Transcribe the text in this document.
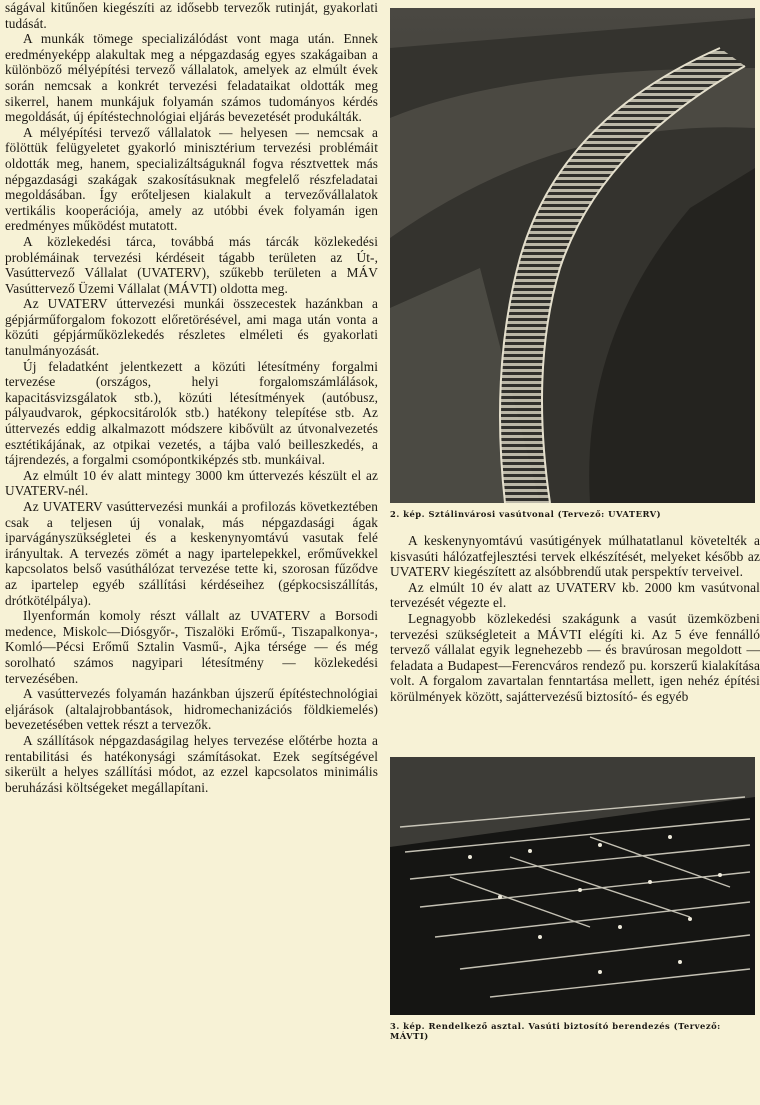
ságával kitűnően kiegészíti az idősebb tervezők rutinját, gyakorlati tudását.

A munkák tömege specializálódást vont maga után. Ennek eredményeképp alakultak meg a népgazdaság egyes szakágaiban a különböző mélyépítési tervező vállalatok, amelyek az elmúlt évek során nemcsak a konkrét tervezési feladataikat oldották meg sikerrel, hanem munkájuk folyamán számos tudományos kérdés megoldását, új építéstechnológiai eljárás bevezetését produkálták.

A mélyépítési tervező vállalatok — helyesen — nemcsak a fölöttük felügyeletet gyakorló minisztérium tervezési problémáit oldották meg, hanem, specializáltságuknál fogva résztvettek más népgazdasági szakágak szakosításuknak megfelelő részfeladatai megoldásában. Így erőteljesen kialakult a tervezővállalatok vertikális kooperációja, amely az utóbbi évek folyamán igen eredményes működést mutatott.

A közlekedési tárca, továbbá más tárcák közlekedési problémáinak tervezési kérdéseit tágabb területen az Út-, Vasúttervező Vállalat (UVATERV), szűkebb területen a MÁV Vasúttervező Üzemi Vállalat (MÁVTI) oldotta meg.

Az UVATERV úttervezési munkái összecestek hazánkban a gépjárműforgalom fokozott előretörésével, ami maga után vonta a közúti gépjárműközlekedés részletes elméleti és gyakorlati tanulmányozását.

Új feladatként jelentkezett a közúti létesítmény forgalmi tervezése (országos, helyi forgalomszámlálások, kapacitásvizsgálatok stb.), közúti létesítmények (autóbusz, pályaudvarok, gépkocsitárolók stb.) hatékony telepítése stb. Az úttervezés eddig alkalmazott módszere kibővült az útvonalvezetés esztétikájának, az otpikai vezetés, a tájba való beilleszkedés, a tájrendezés, a forgalmi csomópontkiképzés stb. munkáival.

Az elmúlt 10 év alatt mintegy 3000 km úttervezés készült el az UVATERV-nél.

Az UVATERV vasúttervezési munkái a profilozás következtében csak a teljesen új vonalak, más népgazdasági ágak iparvágányszükségletei és a keskenynyomtávú vasutak felé irányultak. A tervezés zömét a nagy ipartelepekkel, erőművekkel kapcsolatos belső vasúthálózat tervezése tette ki, szorosan fűződve az ipartelep egyéb szállítási kérdéseihez (gépkocsiszállítás, drótkötélpálya).

Ilyenformán komoly részt vállalt az UVATERV a Borsodi medence, Miskolc—Diósgyőr-, Tiszalöki Erőmű-, Tiszapalkonya-, Komló—Pécsi Erőmű Sztalin Vasmű-, Ajka térsége — és még sorolható számos nagyipari létesítmény — közlekedési tervezésében.

A vasúttervezés folyamán hazánkban újszerű építéstechnológiai eljárások (altalajrobbantások, hidromechanizációs földkiemelés) bevezetésében vettek részt a tervezők.

A szállítások népgazdaságilag helyes tervezése előtérbe hozta a rentabilitási és hatékonysági számításokat. Ezek segítségével sikerült a helyes szállítási módot, az ezzel kapcsolatos minimális beruházási költségeket megállapítani.

2. kép. Sztálinvárosi vasútvonal (Tervező: UVATERV)

A keskenynyomtávú vasútigények múlhatatlanul követelték a kisvasúti hálózatfejlesztési tervek elkészítését, melyeket később az UVATERV kiegészített az alsóbbrendű utak perspektív terveivel.

Az elmúlt 10 év alatt az UVATERV kb. 2000 km vasútvonal tervezését végezte el.

Legnagyobb közlekedési szakágunk a vasút üzemközbeni tervezési szükségleteit a MÁVTI elégíti ki. Az 5 éve fennálló tervező vállalat egyik legnehezebb — és bravúrosan megoldott — feladata a Budapest—Ferencváros rendező pu. korszerű kialakítása volt. A forgalom zavartalan fenntartása mellett, igen nehéz építési körülmények között, sajáttervezésű biztosító- és egyéb

3. kép. Rendelkező asztal. Vasúti biztosító berendezés (Tervező: MÁVTI)
